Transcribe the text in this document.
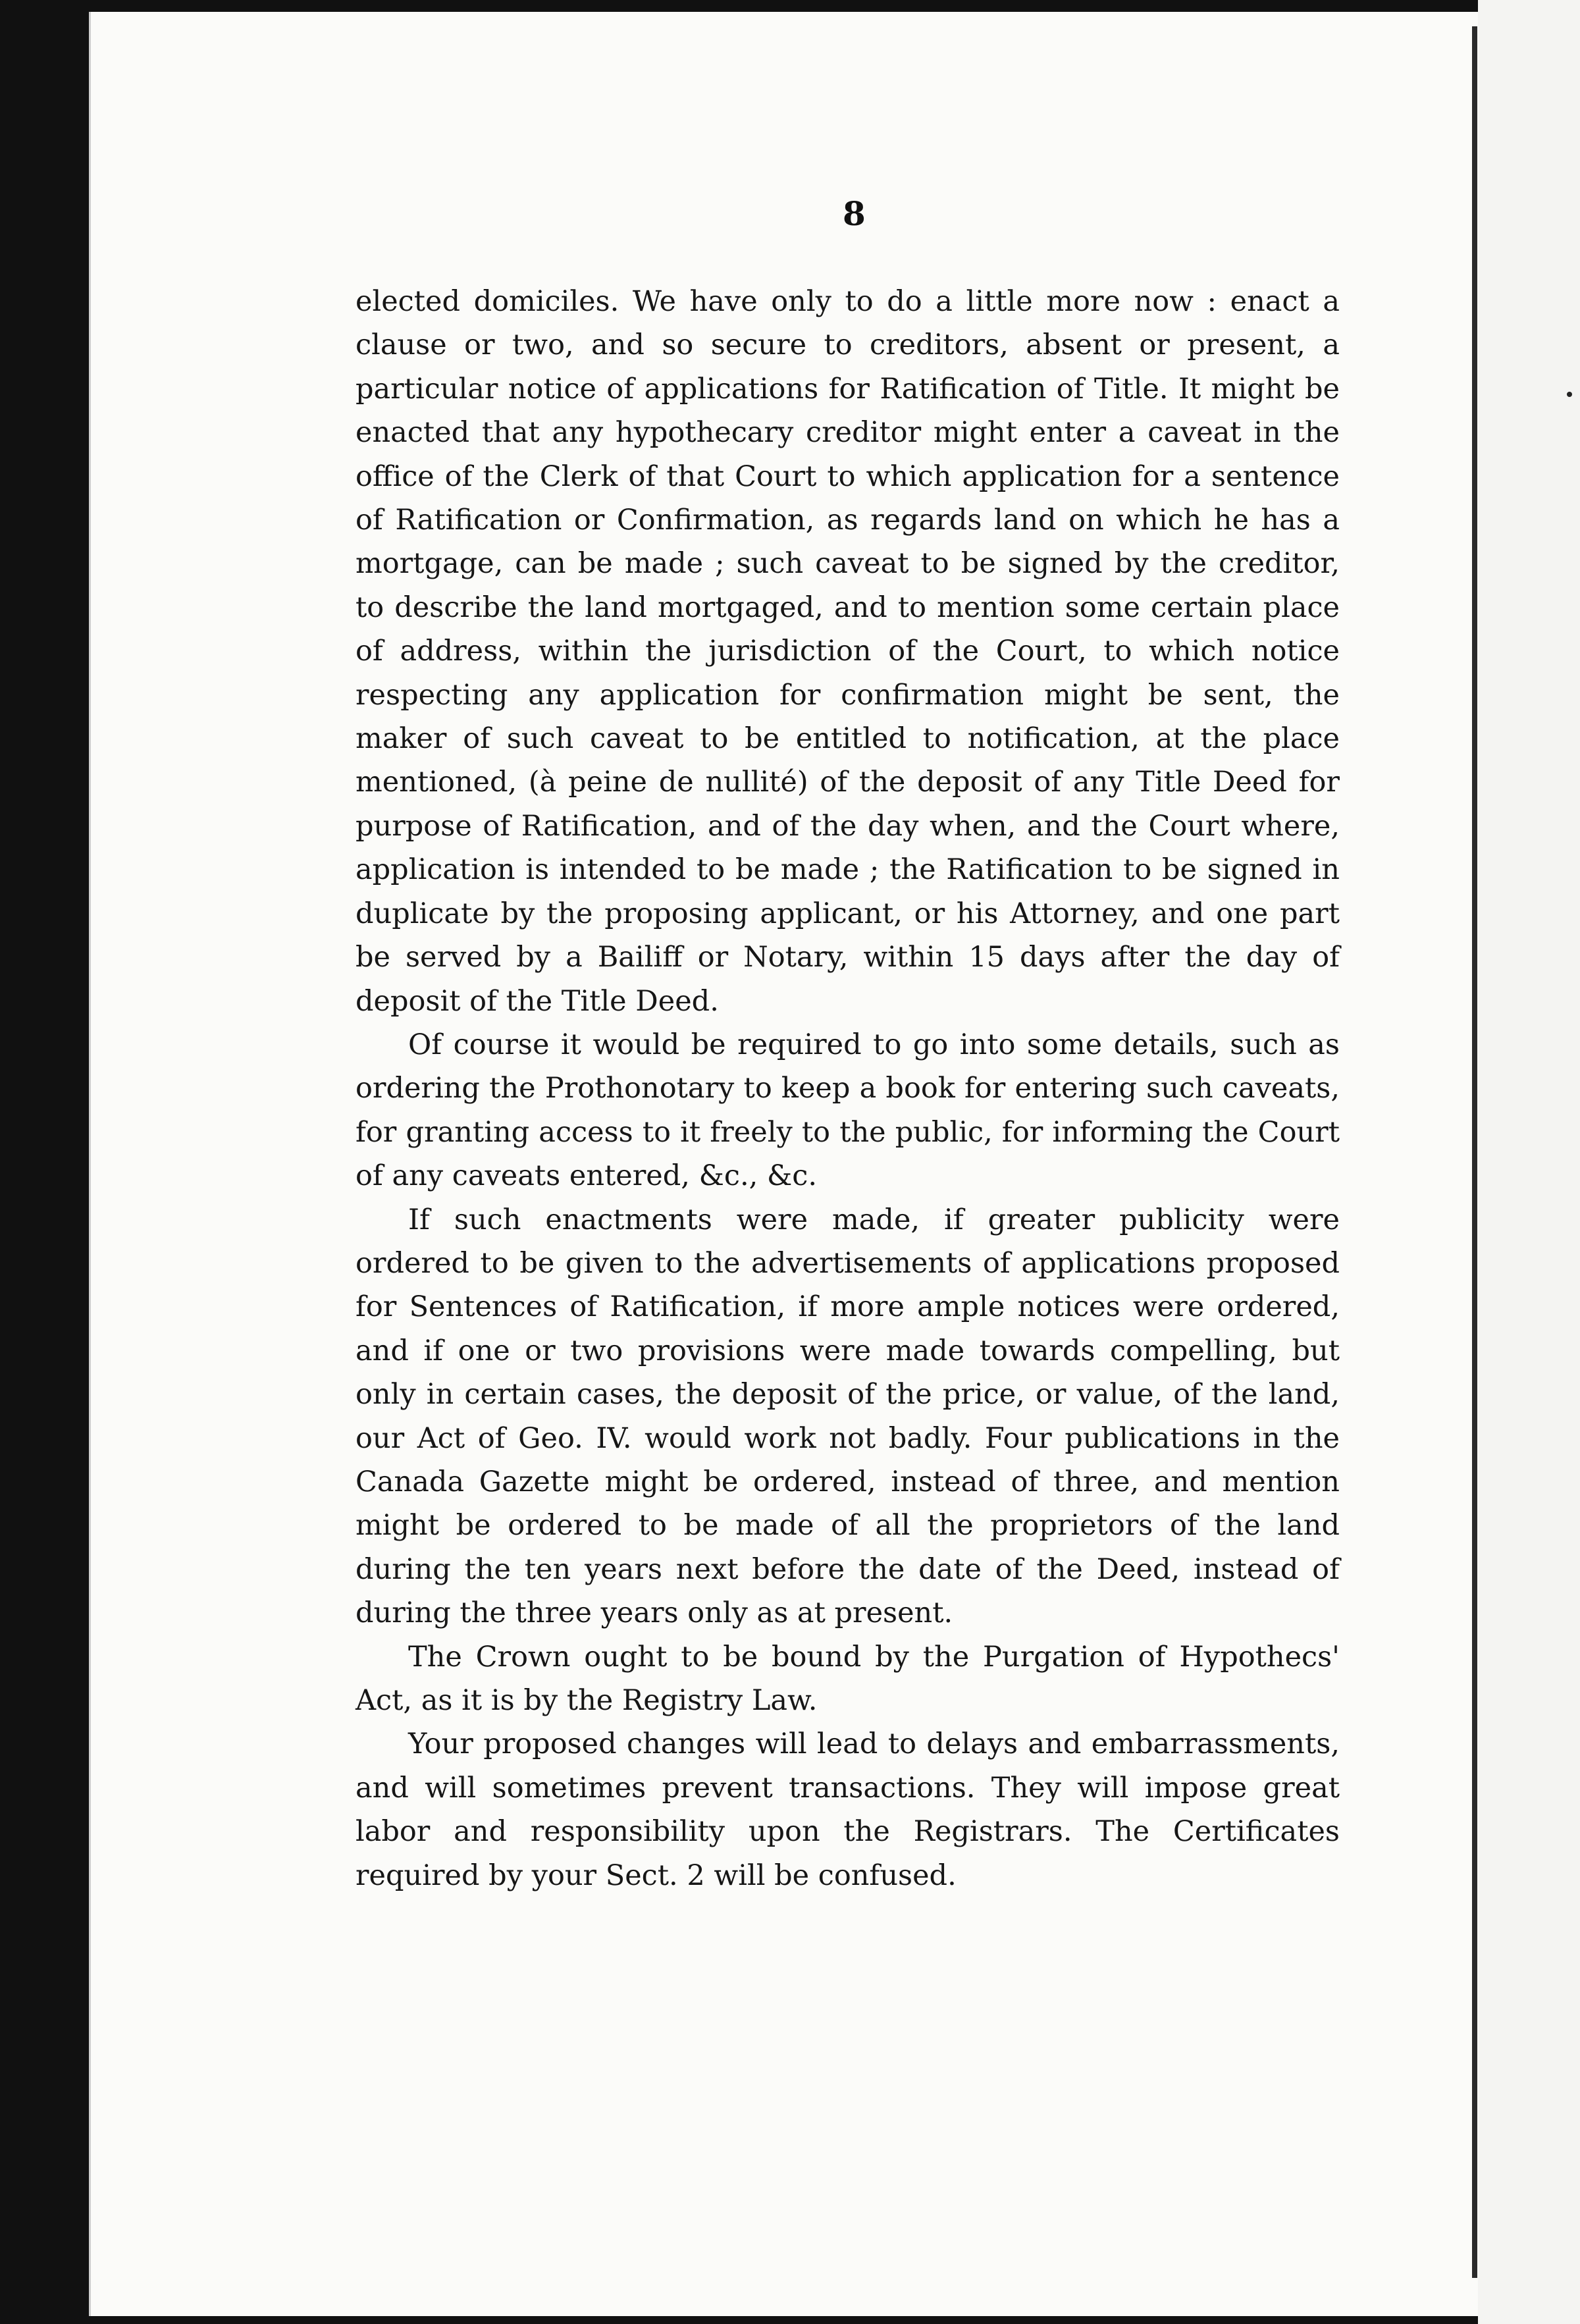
8

elected domiciles. We have only to do a little more now : enact a clause or two, and so secure to creditors, absent or present, a particular notice of applications for Ratification of Title. It might be enacted that any hypothecary creditor might enter a caveat in the office of the Clerk of that Court to which application for a sentence of Ratification or Confirmation, as regards land on which he has a mortgage, can be made ; such caveat to be signed by the creditor, to describe the land mortgaged, and to mention some certain place of address, within the jurisdiction of the Court, to which notice respecting any application for confirmation might be sent, the maker of such caveat to be entitled to notification, at the place mentioned, (à peine de nullité) of the deposit of any Title Deed for purpose of Ratification, and of the day when, and the Court where, application is intended to be made ; the Ratification to be signed in duplicate by the proposing applicant, or his Attorney, and one part be served by a Bailiff or Notary, within 15 days after the day of deposit of the Title Deed.

Of course it would be required to go into some details, such as ordering the Prothonotary to keep a book for entering such caveats, for granting access to it freely to the public, for informing the Court of any caveats entered, &c., &c.

If such enactments were made, if greater publicity were ordered to be given to the advertisements of applications proposed for Sentences of Ratification, if more ample notices were ordered, and if one or two provisions were made towards compelling, but only in certain cases, the deposit of the price, or value, of the land, our Act of Geo. IV. would work not badly. Four publications in the Canada Gazette might be ordered, instead of three, and mention might be ordered to be made of all the proprietors of the land during the ten years next before the date of the Deed, instead of during the three years only as at present.

The Crown ought to be bound by the Purgation of Hypothecs' Act, as it is by the Registry Law.

Your proposed changes will lead to delays and embarrassments, and will sometimes prevent transactions. They will impose great labor and responsibility upon the Registrars. The Certificates required by your Sect. 2 will be confused.
